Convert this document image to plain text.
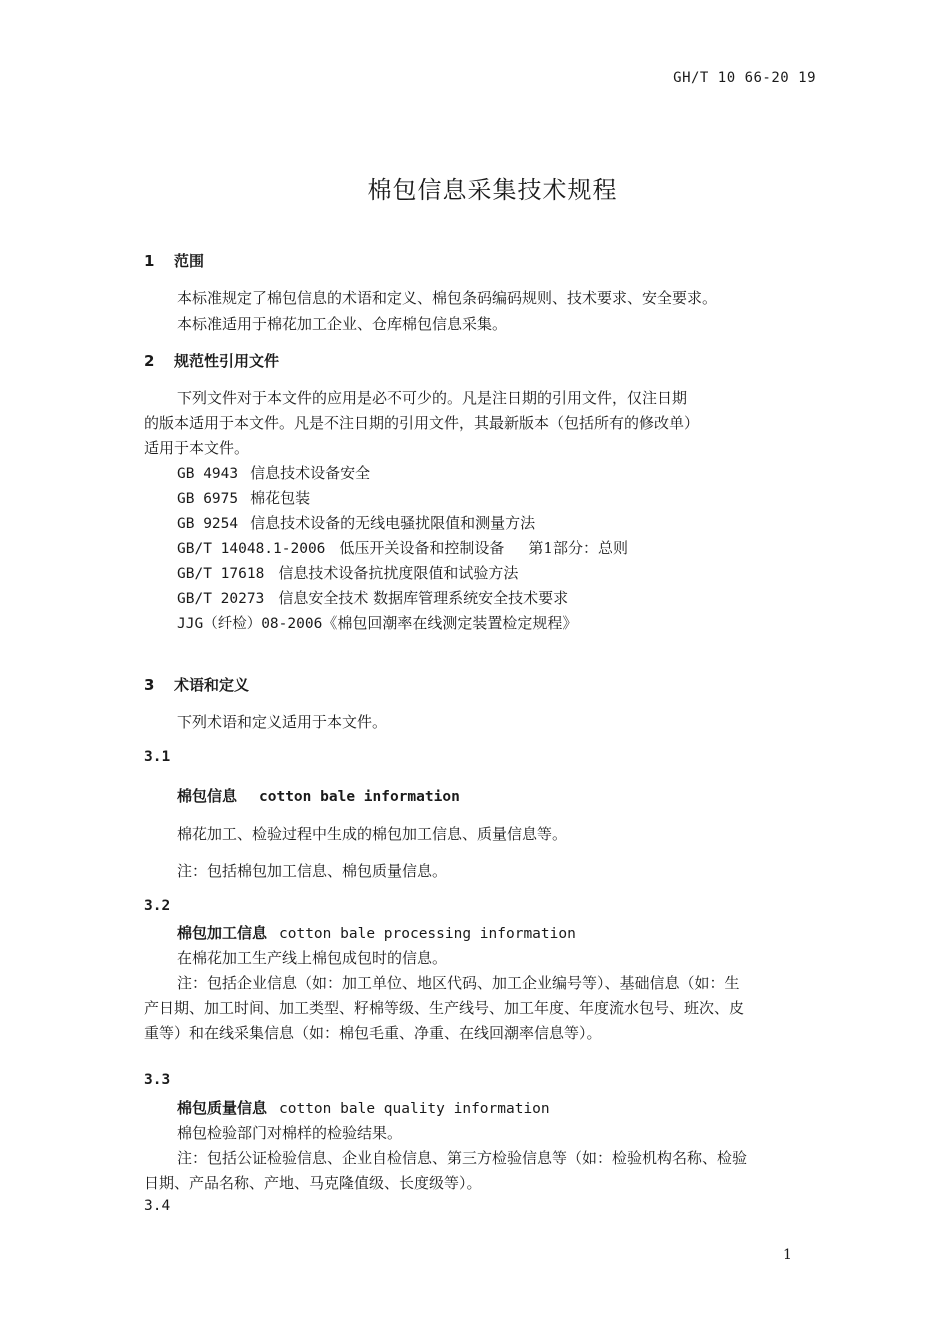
GH/T 10 66-20 19
棉包信息采集技术规程
1 范围
本标准规定了棉包信息的术语和定义、棉包条码编码规则、技术要求、安全要求。
本标准适用于棉花加工企业、仓库棉包信息采集。
2 规范性引用文件
下列文件对于本文件的应用是必不可少的。凡是注日期的引用文件，仅注日期
的版本适用于本文件。凡是不注日期的引用文件，其最新版本（包括所有的修改单）
适用于本文件。
GB 4943 信息技术设备安全
GB 6975 棉花包装
GB 9254 信息技术设备的无线电骚扰限值和测量方法
GB/T 14048.1-2006 低压开关设备和控制设备 第1部分：总则
GB/T 17618 信息技术设备抗扰度限值和试验方法
GB/T 20273 信息安全技术 数据库管理系统安全技术要求
JJG（纤检）08-2006《棉包回潮率在线测定装置检定规程》
3 术语和定义
下列术语和定义适用于本文件。
3.1
棉包信息 cotton bale information
棉花加工、检验过程中生成的棉包加工信息、质量信息等。
注：包括棉包加工信息、棉包质量信息。
3.2
棉包加工信息 cotton bale processing information
在棉花加工生产线上棉包成包时的信息。
注：包括企业信息（如：加工单位、地区代码、加工企业编号等）、基础信息（如：生
产日期、加工时间、加工类型、籽棉等级、生产线号、加工年度、年度流水包号、班次、皮
重等）和在线采集信息（如：棉包毛重、净重、在线回潮率信息等）。
3.3
棉包质量信息 cotton bale quality information
棉包检验部门对棉样的检验结果。
注：包括公证检验信息、企业自检信息、第三方检验信息等（如：检验机构名称、检验
日期、产品名称、产地、马克隆值级、长度级等）。
3.4
1
